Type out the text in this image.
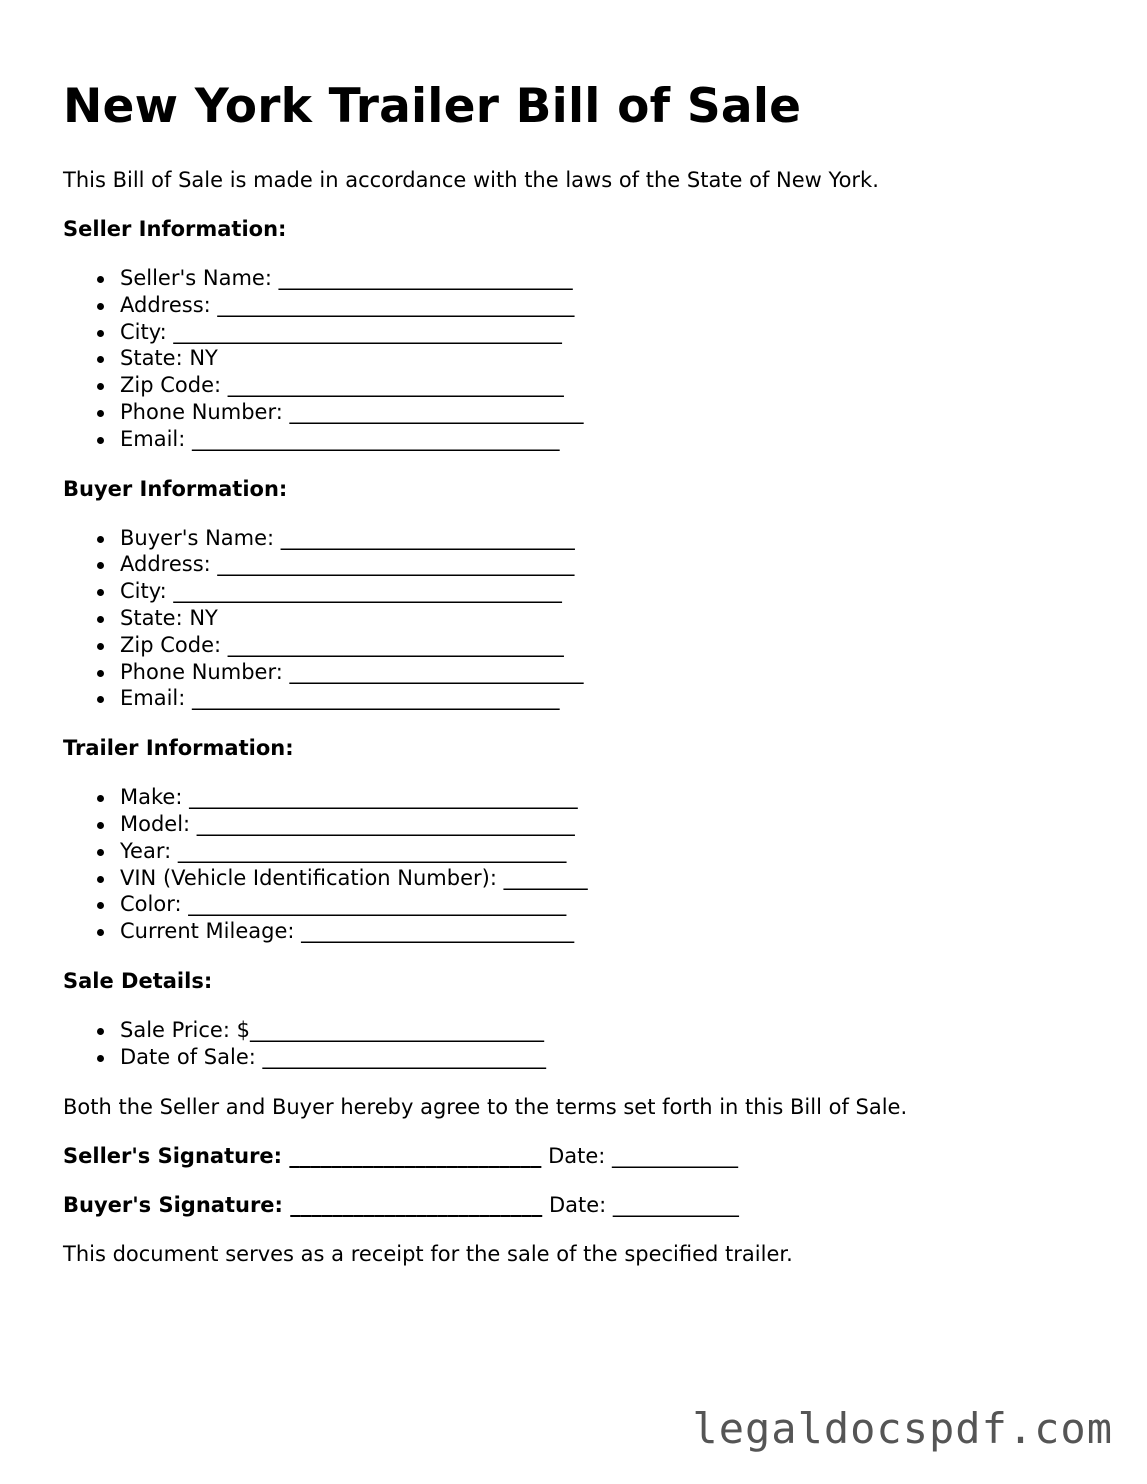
New York Trailer Bill of Sale

This Bill of Sale is made in accordance with the laws of the State of New York.

Seller Information:
Seller's Name: ____________________________
Address: __________________________________
City: _____________________________________
State: NY
Zip Code: ________________________________
Phone Number: ____________________________
Email: ___________________________________
Buyer Information:
Buyer's Name: ____________________________
Address: __________________________________
City: _____________________________________
State: NY
Zip Code: ________________________________
Phone Number: ____________________________
Email: ___________________________________
Trailer Information:
Make: _____________________________________
Model: ____________________________________
Year: _____________________________________
VIN (Vehicle Identification Number): ________
Color: ____________________________________
Current Mileage: __________________________
Sale Details:
Sale Price: $____________________________
Date of Sale: ___________________________

Both the Seller and Buyer hereby agree to the terms set forth in this Bill of Sale.

Seller's Signature: ________________________ Date: ____________
Buyer's Signature: ________________________ Date: ____________

This document serves as a receipt for the sale of the specified trailer.

legaldocspdf.com
